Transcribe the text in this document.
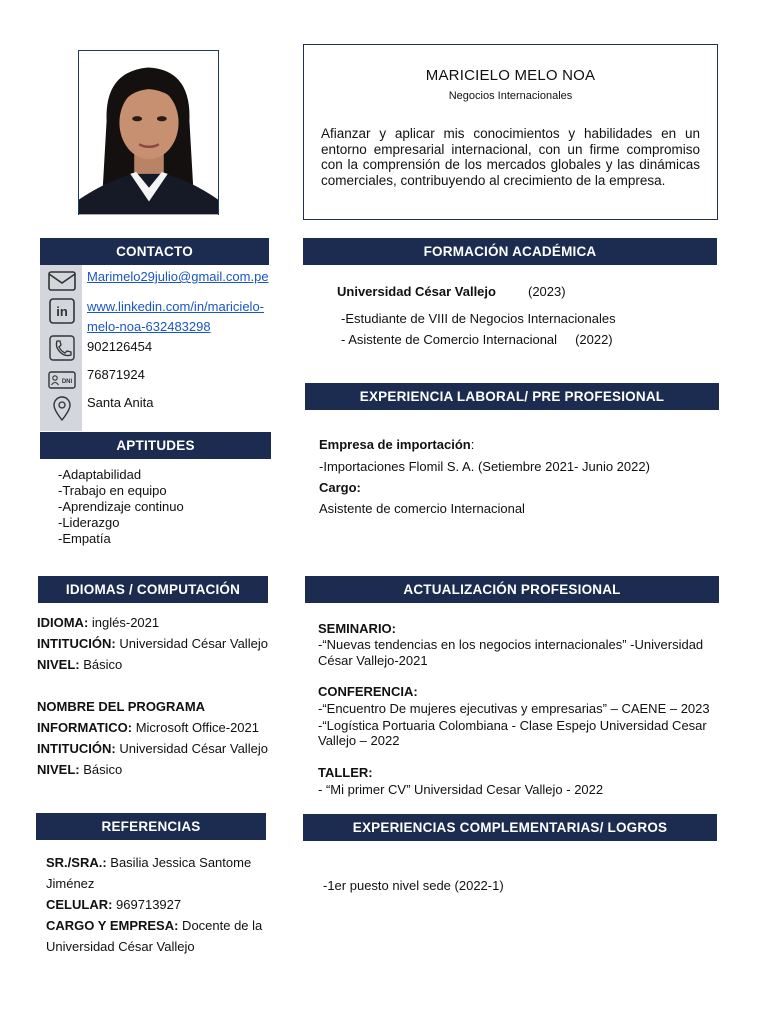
MARICIELO MELO NOA
Negocios Internacionales
Afianzar y aplicar mis conocimientos y habilidades en un entorno empresarial internacional, con un firme compromiso con la comprensión de los mercados globales y las dinámicas comerciales, contribuyendo al crecimiento de la empresa.
CONTACTO
Marimelo29julio@gmail.com.pe
in www.linkedin.com/in/maricielo-
melo-noa-632483298
902126454
DNI 76871924
Santa Anita
APTITUDES
-Adaptabilidad
-Trabajo en equipo
-Aprendizaje continuo
-Liderazgo
-Empatía
IDIOMAS / COMPUTACIÓN
IDIOMA: inglés-2021
INTITUCIÓN: Universidad César Vallejo
NIVEL: Básico
NOMBRE DEL PROGRAMA
INFORMATICO: Microsoft Office-2021
INTITUCIÓN: Universidad César Vallejo
NIVEL: Básico
REFERENCIAS
SR./SRA.: Basilia Jessica Santome
Jiménez
CELULAR: 969713927
CARGO Y EMPRESA: Docente de la
Universidad César Vallejo
FORMACIÓN ACADÉMICA
Universidad César Vallejo (2023)
-Estudiante de VIII de Negocios Internacionales
- Asistente de Comercio Internacional (2022)
EXPERIENCIA LABORAL/ PRE PROFESIONAL
Empresa de importación:
-Importaciones Flomil S. A. (Setiembre 2021- Junio 2022)
Cargo:
Asistente de comercio Internacional
ACTUALIZACIÓN PROFESIONAL
SEMINARIO:
-“Nuevas tendencias en los negocios internacionales” -Universidad
César Vallejo-2021
CONFERENCIA:
-“Encuentro De mujeres ejecutivas y empresarias” – CAENE – 2023
-“Logística Portuaria Colombiana - Clase Espejo Universidad Cesar
Vallejo – 2022
TALLER:
- “Mi primer CV” Universidad Cesar Vallejo - 2022
EXPERIENCIAS COMPLEMENTARIAS/ LOGROS
-1er puesto nivel sede (2022-1)
